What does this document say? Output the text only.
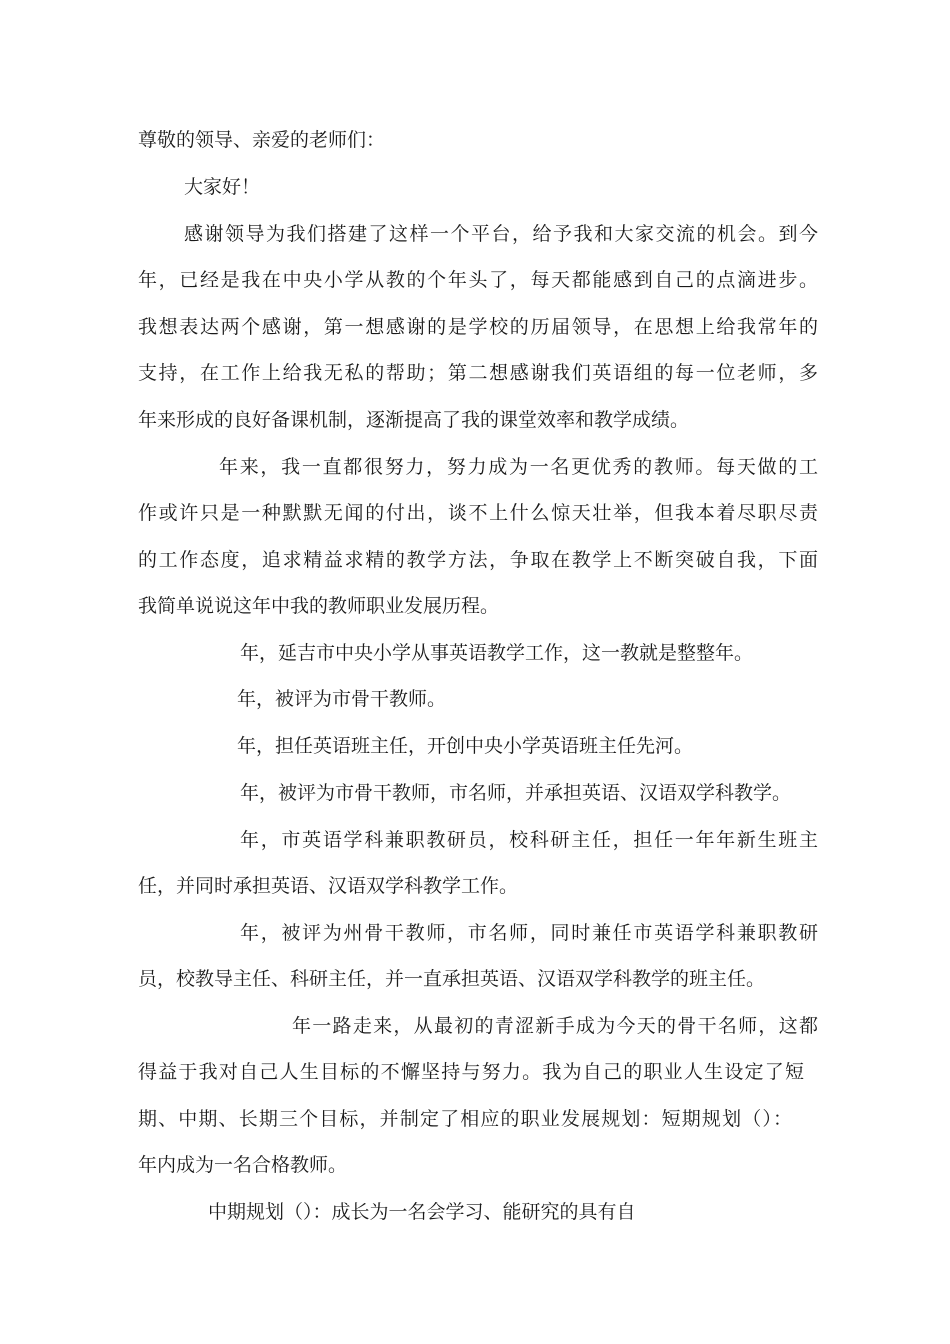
尊敬的领导、亲爱的老师们：
大家好！
感谢领导为我们搭建了这样一个平台，给予我和大家交流的机会。到今
年，已经是我在中央小学从教的个年头了，每天都能感到自己的点滴进步。
我想表达两个感谢，第一想感谢的是学校的历届领导，在思想上给我常年的
支持，在工作上给我无私的帮助；第二想感谢我们英语组的每一位老师，多
年来形成的良好备课机制，逐渐提高了我的课堂效率和教学成绩。
年来，我一直都很努力，努力成为一名更优秀的教师。每天做的工
作或许只是一种默默无闻的付出，谈不上什么惊天壮举，但我本着尽职尽责
的工作态度，追求精益求精的教学方法，争取在教学上不断突破自我，下面
我简单说说这年中我的教师职业发展历程。
年，延吉市中央小学从事英语教学工作，这一教就是整整年。
年，被评为市骨干教师。
年，担任英语班主任，开创中央小学英语班主任先河。
年，被评为市骨干教师，市名师，并承担英语、汉语双学科教学。
年，市英语学科兼职教研员，校科研主任，担任一年年新生班主
任，并同时承担英语、汉语双学科教学工作。
年，被评为州骨干教师，市名师，同时兼任市英语学科兼职教研
员，校教导主任、科研主任，并一直承担英语、汉语双学科教学的班主任。
年一路走来，从最初的青涩新手成为今天的骨干名师，这都
得益于我对自己人生目标的不懈坚持与努力。我为自己的职业人生设定了短
期、中期、长期三个目标，并制定了相应的职业发展规划：短期规划（）：
年内成为一名合格教师。
中期规划（）：成长为一名会学习、能研究的具有自
